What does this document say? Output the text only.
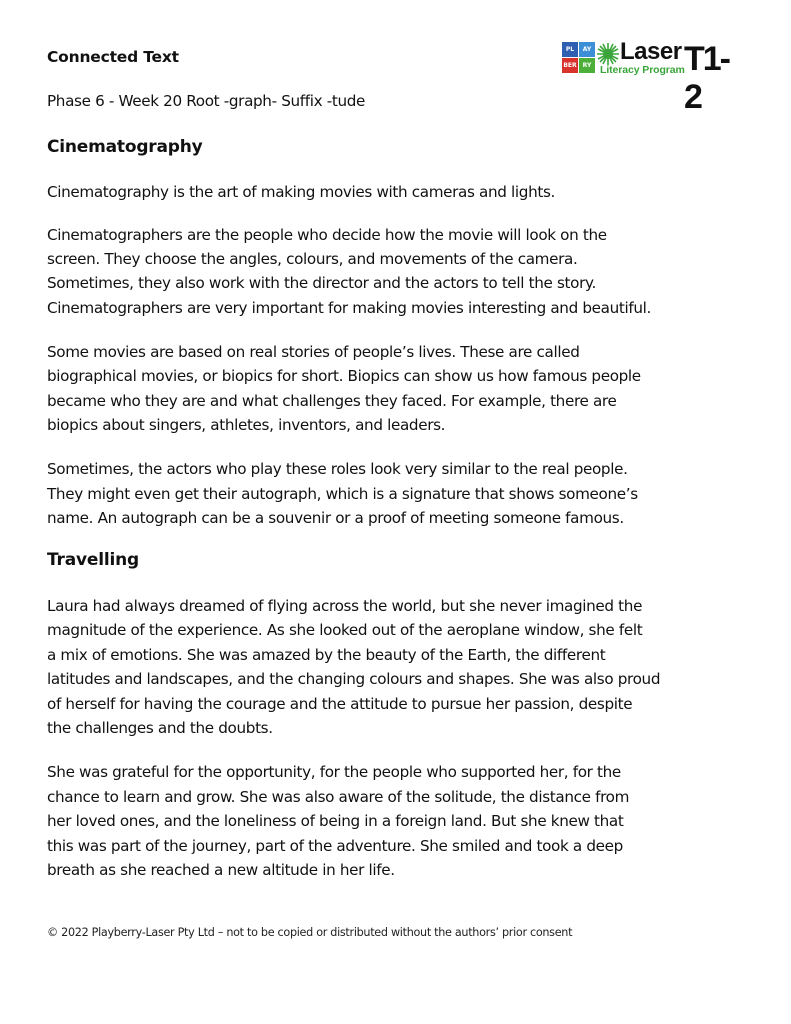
Connected Text
Phase 6 - Week 20 Root -graph- Suffix -tude
PL	AY
BER	RY
Laser
Literacy Program T1-2
Cinematography
Cinematography is the art of making movies with cameras and lights.
Cinematographers are the people who decide how the movie will look on the
screen. They choose the angles, colours, and movements of the camera.
Sometimes, they also work with the director and the actors to tell the story.
Cinematographers are very important for making movies interesting and beautiful.
Some movies are based on real stories of people’s lives. These are called
biographical movies, or biopics for short. Biopics can show us how famous people
became who they are and what challenges they faced. For example, there are
biopics about singers, athletes, inventors, and leaders.
Sometimes, the actors who play these roles look very similar to the real people.
They might even get their autograph, which is a signature that shows someone’s
name. An autograph can be a souvenir or a proof of meeting someone famous.
Travelling
Laura had always dreamed of flying across the world, but she never imagined the
magnitude of the experience. As she looked out of the aeroplane window, she felt
a mix of emotions. She was amazed by the beauty of the Earth, the different
latitudes and landscapes, and the changing colours and shapes. She was also proud
of herself for having the courage and the attitude to pursue her passion, despite
the challenges and the doubts.
She was grateful for the opportunity, for the people who supported her, for the
chance to learn and grow. She was also aware of the solitude, the distance from
her loved ones, and the loneliness of being in a foreign land. But she knew that
this was part of the journey, part of the adventure. She smiled and took a deep
breath as she reached a new altitude in her life.
© 2022 Playberry-Laser Pty Ltd – not to be copied or distributed without the authors’ prior consent
